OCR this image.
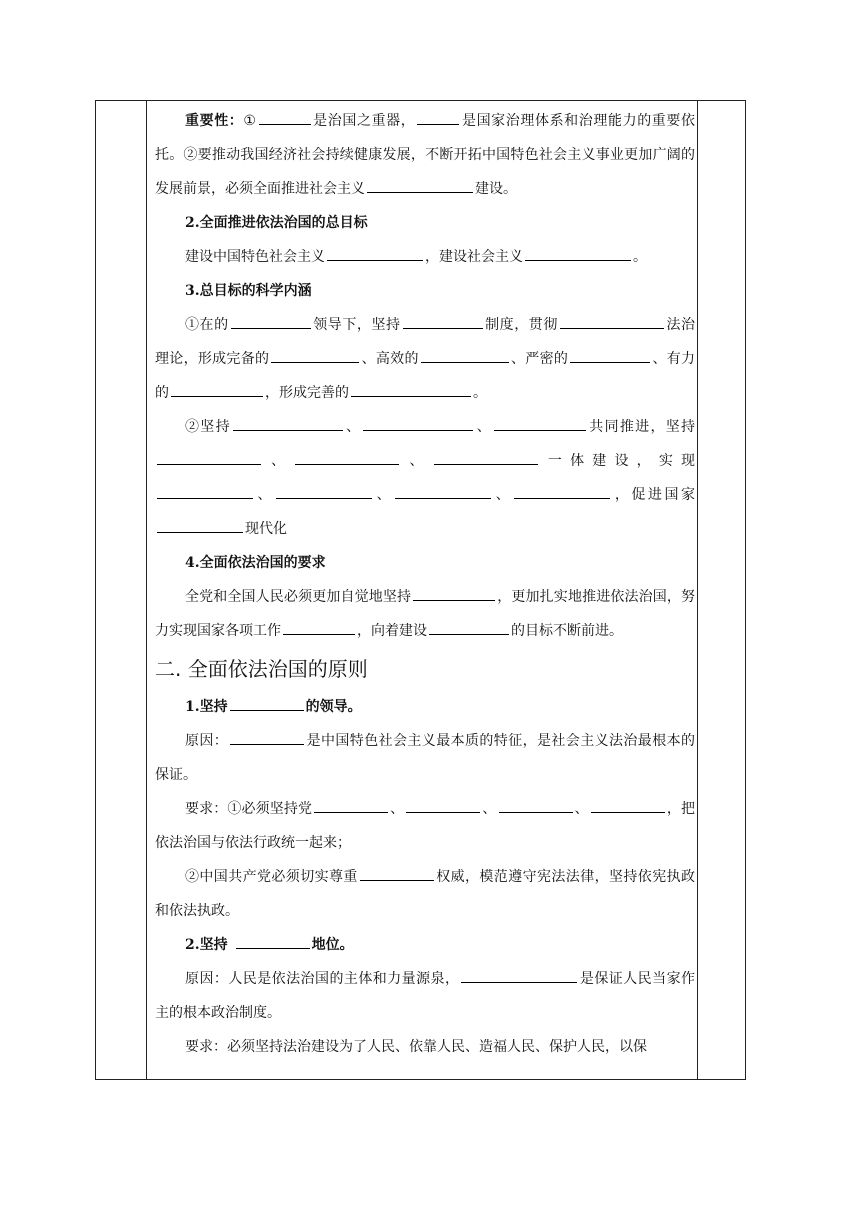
重要性：①	是治国之重器，	是国家治理体系和治理能力的重要依托。②要推动我国经济社会持续健康发展，不断开拓中国特色社会主义事业更加广阔的发展前景，必须全面推进社会主义	建设。

2.全面推进依法治国的总目标

建设中国特色社会主义	，建设社会主义	。

3.总目标的科学内涵

①在的	领导下，坚持	制度，贯彻	法治理论，形成完备的	、高效的	、严密的	、有力的	，形成完善的	。

②坚持	、	、	共同推进，坚持、	、	一体建设，实现、	、	、	，促进国家现代化

4.全面依法治国的要求

全党和全国人民必须更加自觉地坚持	，更加扎实地推进依法治国，努力实现国家各项工作	，向着建设	的目标不断前进。

二. 全面依法治国的原则

1.坚持	的领导。

原因：	是中国特色社会主义最本质的特征，是社会主义法治最根本的保证。

要求：①必须坚持党	、	、	、	，把依法治国与依法行政统一起来；

②中国共产党必须切实尊重	权威，模范遵守宪法法律，坚持依宪执政和依法执政。

2.坚持	地位。

原因：人民是依法治国的主体和力量源泉，	是保证人民当家作主的根本政治制度。

要求：必须坚持法治建设为了人民、依靠人民、造福人民、保护人民，以保
